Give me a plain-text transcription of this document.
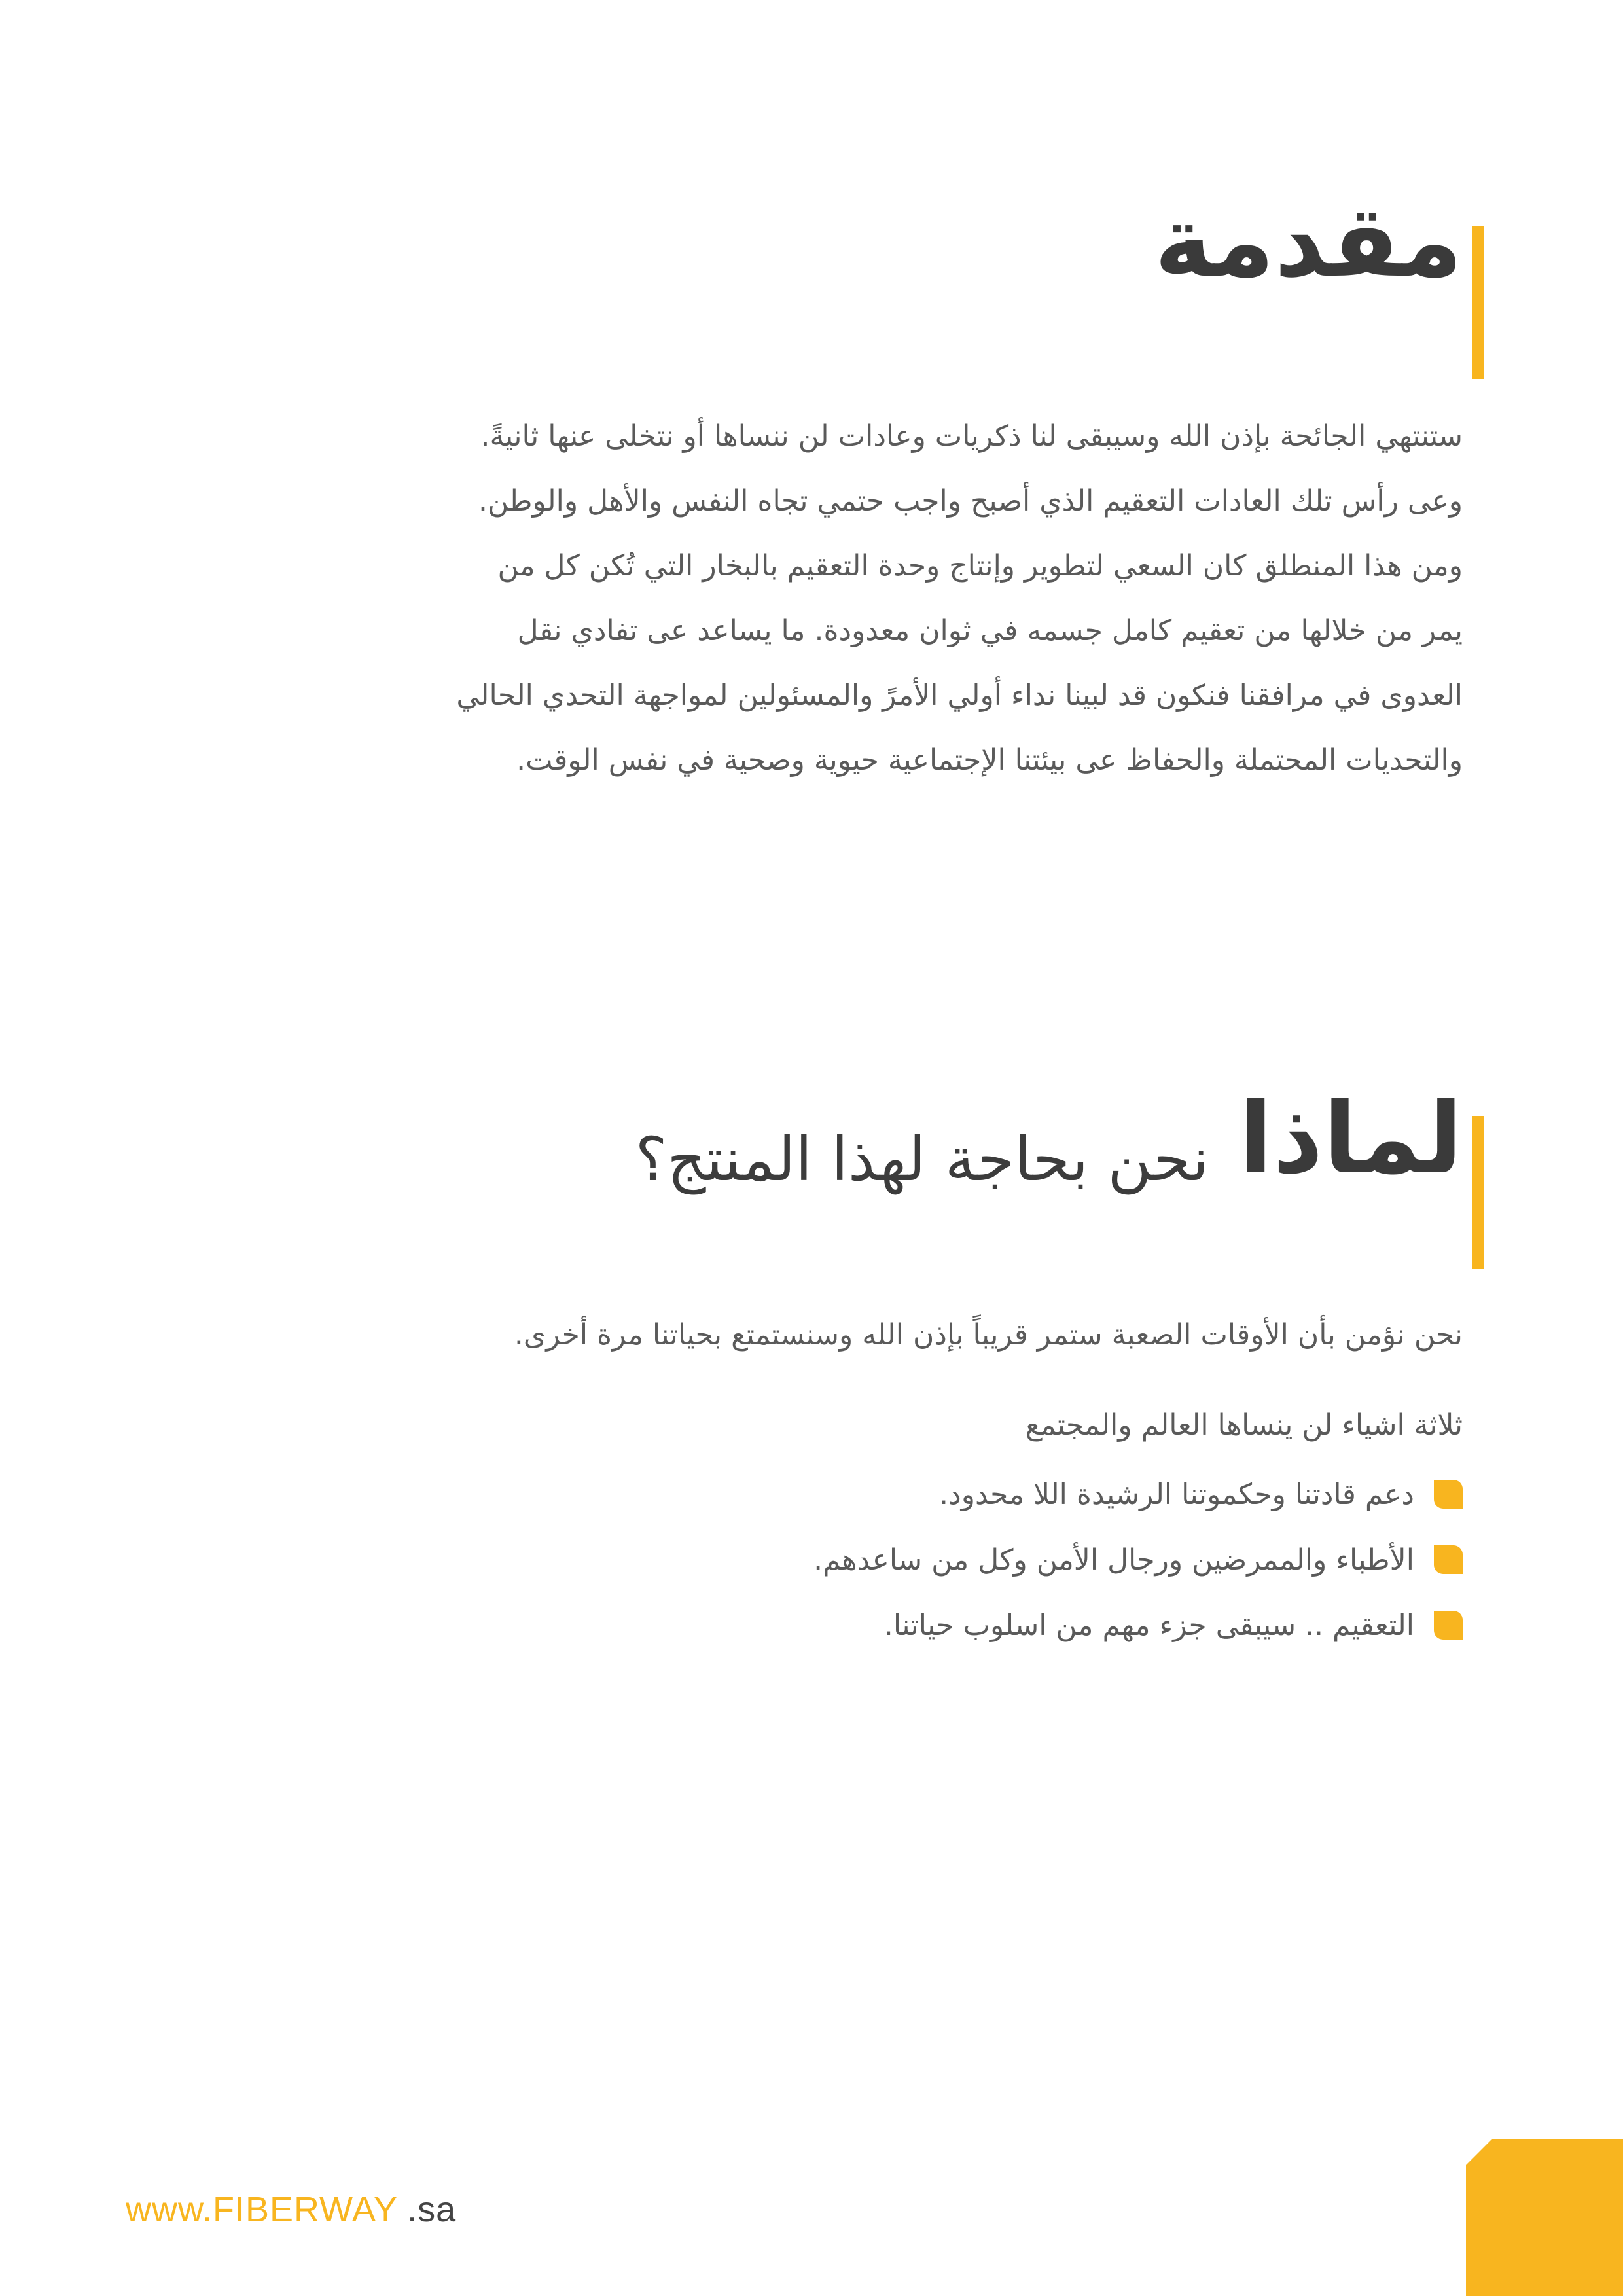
مقدمة
ستنتهي الجائحة بإذن الله وسيبقى لنا ذكريات وعادات لن ننساها أو نتخلى عنها ثانيةً.
وعى رأس تلك العادات التعقيم الذي أصبح واجب حتمي تجاه النفس والأهل والوطن.
ومن هذا المنطلق كان السعي لتطوير وإنتاج وحدة التعقيم بالبخار التي تُكن كل من
يمر من خلالها من تعقيم كامل جسمه في ثوان معدودة. ما يساعد عى تفادي نقل
العدوى في مرافقنا فنكون قد لبينا نداء أولي الأمرً والمسئولين لمواجهة التحدي الحالي
والتحديات المحتملة والحفاظ عى بيئتنا الإجتماعية حيوية وصحية في نفس الوقت.
لماذانحن بحاجة لهذا المنتج؟
نحن نؤمن بأن الأوقات الصعبة ستمر قريباً بإذن الله وسنستمتع بحياتنا مرة أخرى.
ثلاثة اشياء لن ينساها العالم والمجتمع
دعم قادتنا وحكموتنا الرشيدة اللا محدود.
الأطباء والممرضين ورجال الأمن وكل من ساعدهم.
التعقيم .. سيبقى جزء مهم من اسلوب حياتنا.
www.FIBERWAY .sa
